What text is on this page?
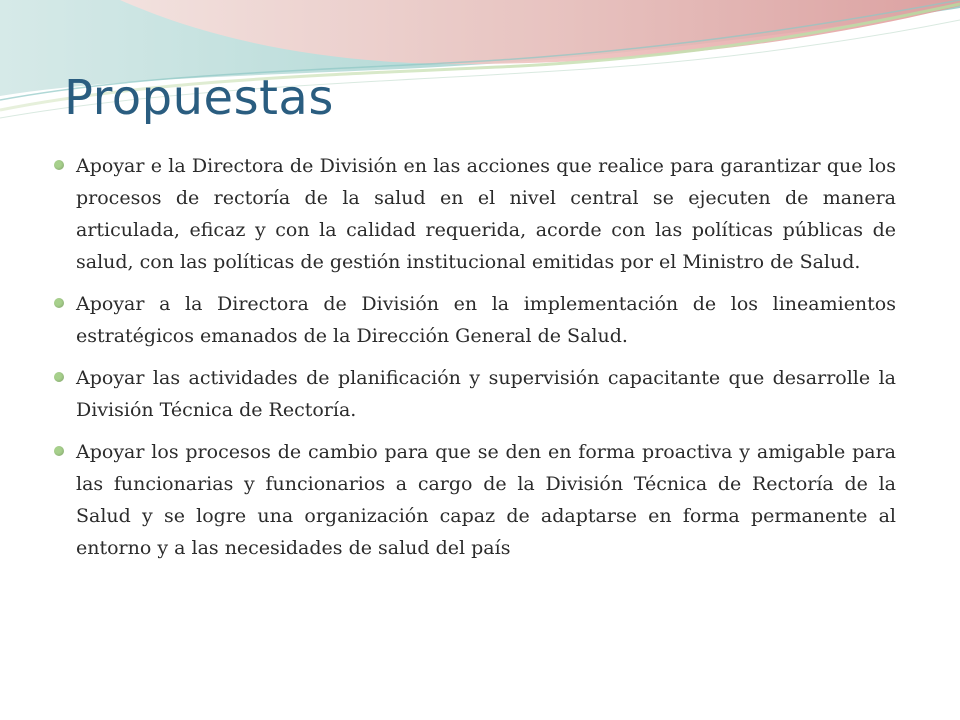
Propuestas
Apoyar e la Directora de División en las acciones que realice para garantizar que los procesos de rectoría de la salud en el nivel central se ejecuten de manera articulada, eficaz y con la calidad requerida, acorde con las políticas públicas de salud, con las políticas de gestión institucional emitidas por el Ministro de Salud.
Apoyar a la Directora de División en la implementación de los lineamientos estratégicos emanados de la Dirección General de Salud.
Apoyar las actividades de planificación y supervisión capacitante que desarrolle la División Técnica de Rectoría.
Apoyar los procesos de cambio para que se den en forma proactiva y amigable para las funcionarias y funcionarios a cargo de la División Técnica de Rectoría de la Salud y se logre una organización capaz de adaptarse en forma permanente al entorno y a las necesidades de salud del país
